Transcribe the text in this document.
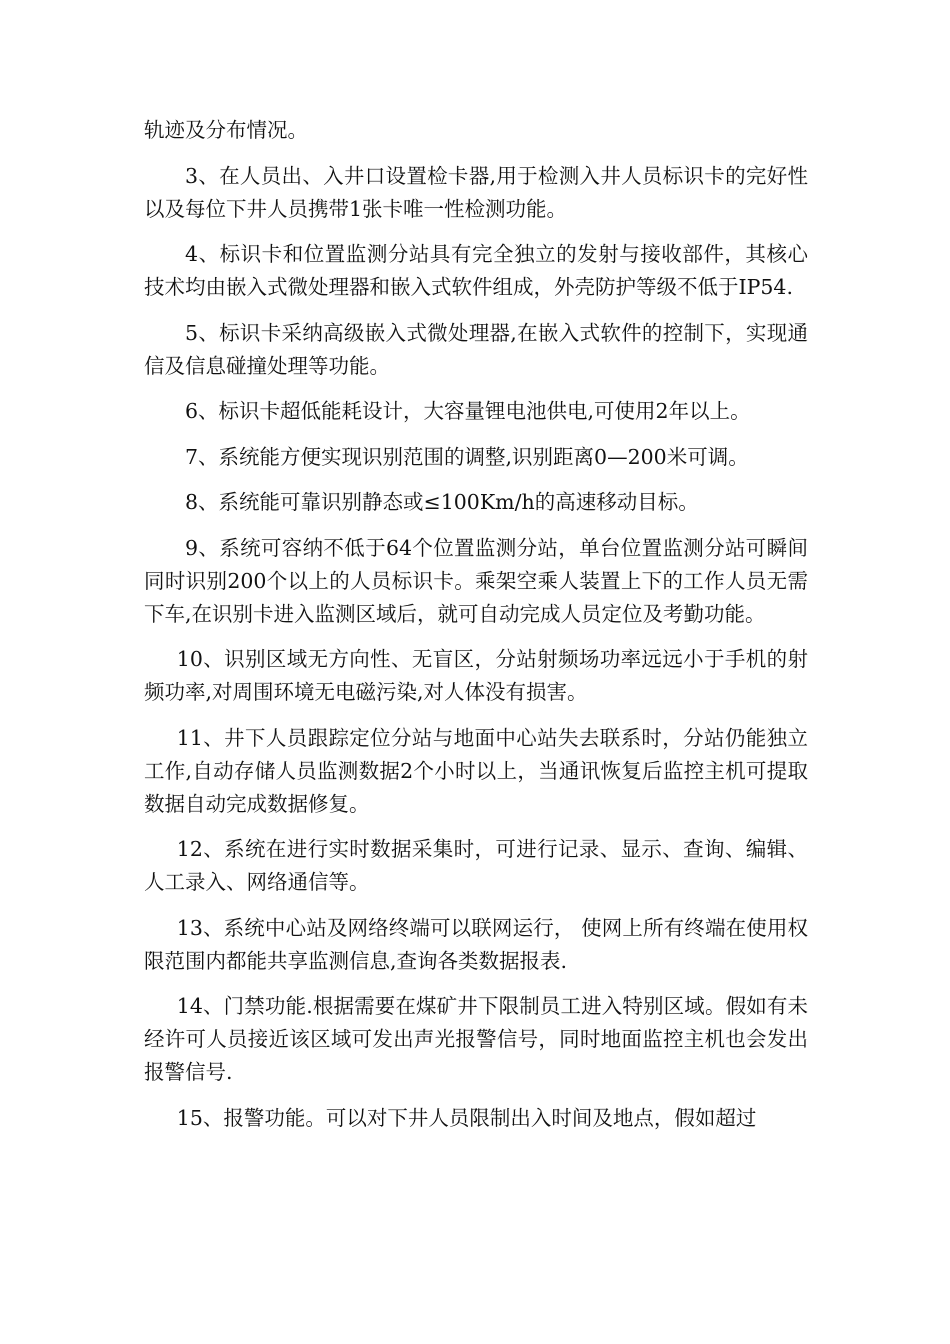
轨迹及分布情况。

3、在人员出、入井口设置检卡器,用于检测入井人员标识卡的完好性以及每位下井人员携带1张卡唯一性检测功能。

4、标识卡和位置监测分站具有完全独立的发射与接收部件，其核心技术均由嵌入式微处理器和嵌入式软件组成，外壳防护等级不低于IP54.

5、标识卡采纳高级嵌入式微处理器,在嵌入式软件的控制下，实现通信及信息碰撞处理等功能。

6、标识卡超低能耗设计，大容量锂电池供电,可使用2年以上。

7、系统能方便实现识别范围的调整,识别距离0—200米可调。

8、系统能可靠识别静态或≤100Km/h的高速移动目标。

9、系统可容纳不低于64个位置监测分站，单台位置监测分站可瞬间同时识别200个以上的人员标识卡。乘架空乘人装置上下的工作人员无需下车,在识别卡进入监测区域后，就可自动完成人员定位及考勤功能。

10、识别区域无方向性、无盲区，分站射频场功率远远小于手机的射频功率,对周围环境无电磁污染,对人体没有损害。

11、井下人员跟踪定位分站与地面中心站失去联系时，分站仍能独立工作,自动存储人员监测数据2个小时以上，当通讯恢复后监控主机可提取数据自动完成数据修复。

12、系统在进行实时数据采集时，可进行记录、显示、查询、编辑、人工录入、网络通信等。

13、系统中心站及网络终端可以联网运行， 使网上所有终端在使用权限范围内都能共享监测信息,查询各类数据报表.

14、门禁功能.根据需要在煤矿井下限制员工进入特别区域。假如有未经许可人员接近该区域可发出声光报警信号，同时地面监控主机也会发出报警信号.

15、报警功能。可以对下井人员限制出入时间及地点，假如超过
